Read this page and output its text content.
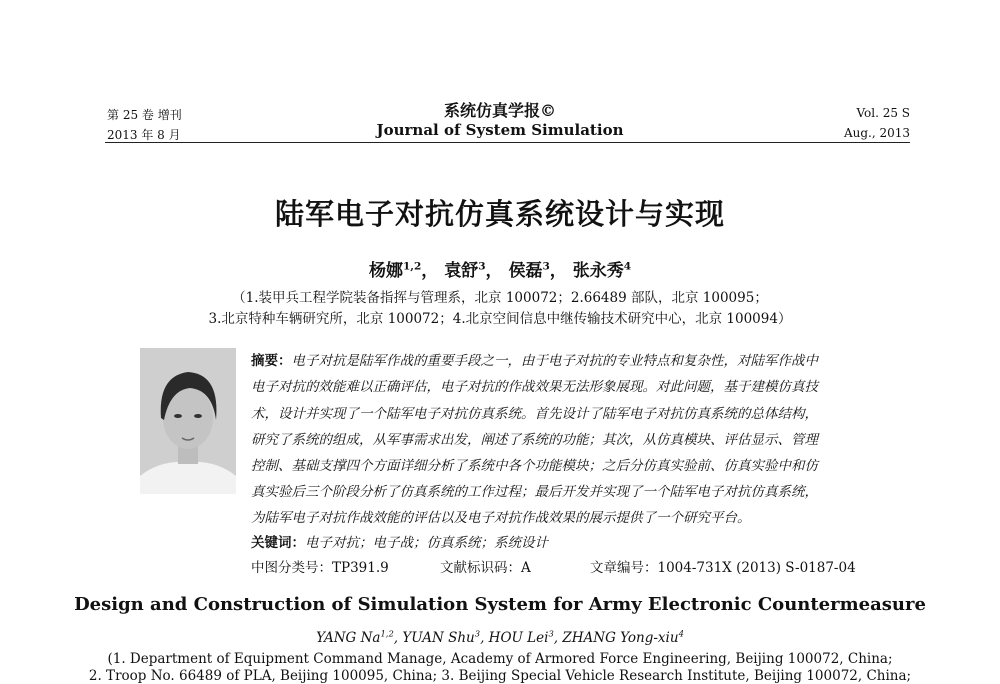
第 25 卷 增刊
2013 年 8 月
系统仿真学报©
Journal of System Simulation
Vol. 25 S
Aug., 2013
陆军电子对抗仿真系统设计与实现
杨娜$^{1,2}$， 袁舒$^3$， 侯磊$^3$， 张永秀$^4$
（1.装甲兵工程学院装备指挥与管理系，北京 100072；2.66489 部队，北京 100095；
3.北京特种车辆研究所，北京 100072；4.北京空间信息中继传输技术研究中心，北京 100094）
摘要：电子对抗是陆军作战的重要手段之一，由于电子对抗的专业特点和复杂性，对陆军作战中
电子对抗的效能难以正确评估，电子对抗的作战效果无法形象展现。对此问题，基于建模仿真技
术，设计并实现了一个陆军电子对抗仿真系统。首先设计了陆军电子对抗仿真系统的总体结构，
研究了系统的组成，从军事需求出发，阐述了系统的功能；其次，从仿真模块、评估显示、管理
控制、基础支撑四个方面详细分析了系统中各个功能模块；之后分仿真实验前、仿真实验中和仿
真实验后三个阶段分析了仿真系统的工作过程；最后开发并实现了一个陆军电子对抗仿真系统，
为陆军电子对抗作战效能的评估以及电子对抗作战效果的展示提供了一个研究平台。
关键词：电子对抗；电子战；仿真系统；系统设计
中图分类号：TP391.9	文献标识码：A	文章编号：1004-731X (2013) S-0187-04
Design and Construction of Simulation System for Army Electronic Countermeasure
YANG Na$^{1,2}$, YUAN Shu$^3$, HOU Lei$^3$, ZHANG Yong-xiu$^4$
(1. Department of Equipment Command Manage, Academy of Armored Force Engineering, Beijing 100072, China;
2. Troop No. 66489 of PLA, Beijing 100095, China; 3. Beijing Special Vehicle Research Institute, Beijing 100072, China;
